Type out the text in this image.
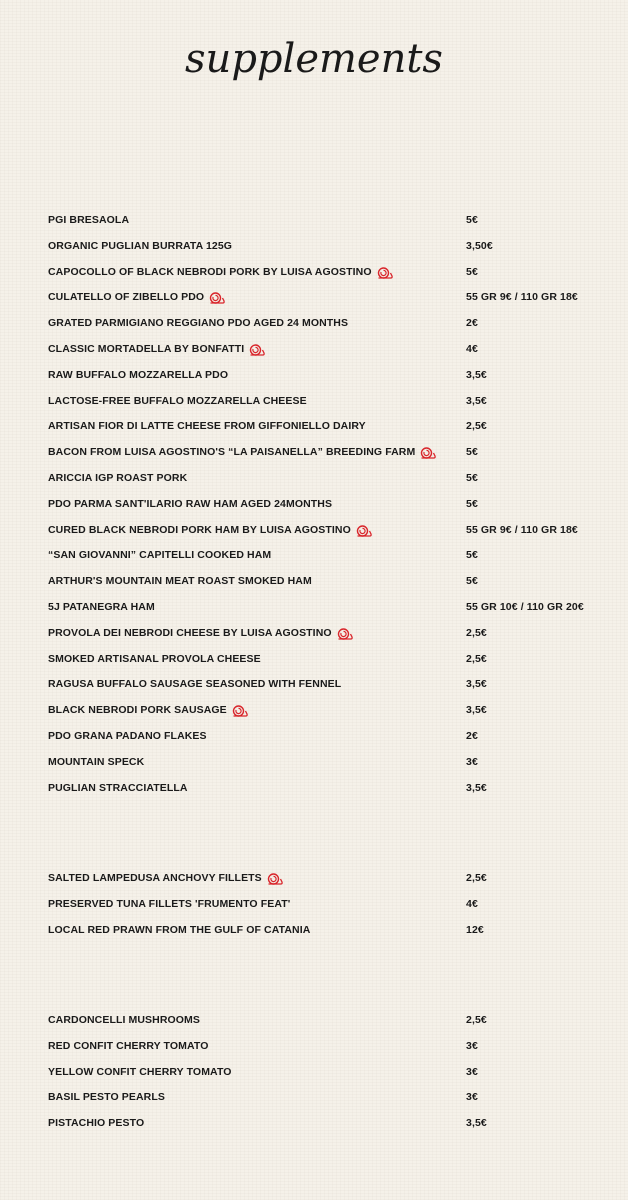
supplements
PGI BRESAOLA	5€
ORGANIC PUGLIAN BURRATA 125G	3,50€
CAPOCOLLO OF BLACK NEBRODI PORK BY LUISA AGOSTINO	5€
CULATELLO OF ZIBELLO PDO	55 GR 9€ / 110 GR 18€
GRATED PARMIGIANO REGGIANO PDO AGED 24 MONTHS	2€
CLASSIC MORTADELLA BY BONFATTI	4€
RAW BUFFALO MOZZARELLA PDO	3,5€
LACTOSE-FREE BUFFALO MOZZARELLA CHEESE	3,5€
ARTISAN FIOR DI LATTE CHEESE FROM GIFFONIELLO DAIRY	2,5€
BACON FROM LUISA AGOSTINO'S “LA PAISANELLA” BREEDING FARM	5€
ARICCIA IGP ROAST PORK	5€
PDO PARMA SANT'ILARIO RAW HAM AGED 24MONTHS	5€
CURED BLACK NEBRODI PORK HAM BY LUISA AGOSTINO	55 GR 9€ / 110 GR 18€
“SAN GIOVANNI” CAPITELLI COOKED HAM	5€
ARTHUR'S MOUNTAIN MEAT ROAST SMOKED HAM	5€
5J PATANEGRA HAM	55 GR 10€ / 110 GR 20€
PROVOLA DEI NEBRODI CHEESE BY LUISA AGOSTINO	2,5€
SMOKED ARTISANAL PROVOLA CHEESE	2,5€
RAGUSA BUFFALO SAUSAGE SEASONED WITH FENNEL	3,5€
BLACK NEBRODI PORK SAUSAGE	3,5€
PDO GRANA PADANO FLAKES	2€
MOUNTAIN SPECK	3€
PUGLIAN STRACCIATELLA	3,5€
SALTED LAMPEDUSA ANCHOVY FILLETS	2,5€
PRESERVED TUNA FILLETS 'FRUMENTO FEAT'	4€
LOCAL RED PRAWN FROM THE GULF OF CATANIA	12€
CARDONCELLI MUSHROOMS	2,5€
RED CONFIT CHERRY TOMATO	3€
YELLOW CONFIT CHERRY TOMATO	3€
BASIL PESTO PEARLS	3€
PISTACHIO PESTO	3,5€
